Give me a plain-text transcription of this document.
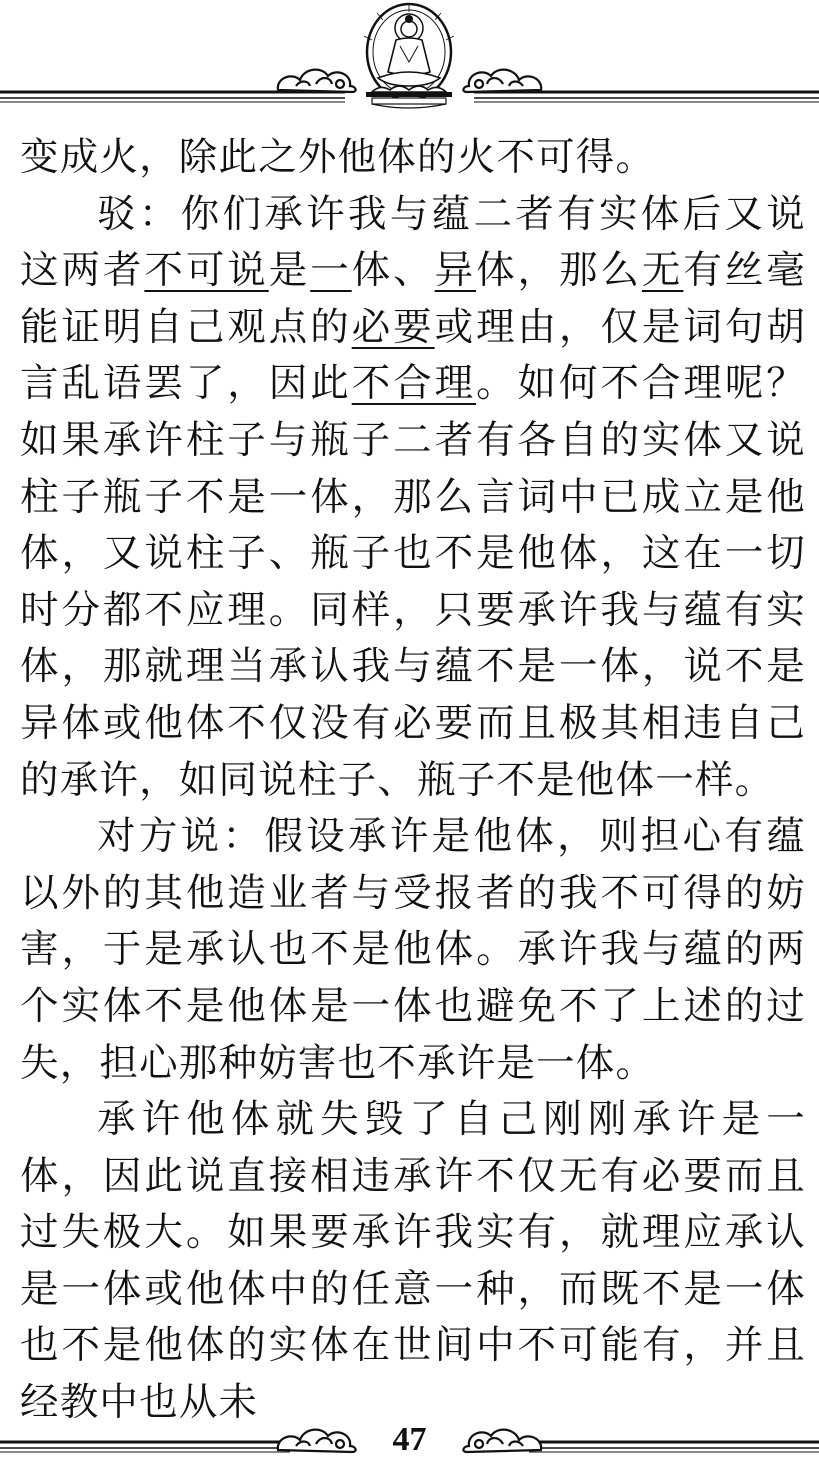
变成火，除此之外他体的火不可得。

驳：你们承许我与蕴二者有实体后又说这两者不可说是一体、异体，那么无有丝毫能证明自己观点的必要或理由，仅是词句胡言乱语罢了，因此不合理。如何不合理呢？如果承许柱子与瓶子二者有各自的实体又说柱子瓶子不是一体，那么言词中已成立是他体，又说柱子、瓶子也不是他体，这在一切时分都不应理。同样，只要承许我与蕴有实体，那就理当承认我与蕴不是一体，说不是异体或他体不仅没有必要而且极其相违自己的承许，如同说柱子、瓶子不是他体一样。

对方说：假设承许是他体，则担心有蕴以外的其他造业者与受报者的我不可得的妨害，于是承认也不是他体。承许我与蕴的两个实体不是他体是一体也避免不了上述的过失，担心那种妨害也不承许是一体。

承许他体就失毁了自己刚刚承许是一体，因此说直接相违承许不仅无有必要而且过失极大。如果要承许我实有，就理应承认是一体或他体中的任意一种，而既不是一体也不是他体的实体在世间中不可能有，并且经教中也从未

47
